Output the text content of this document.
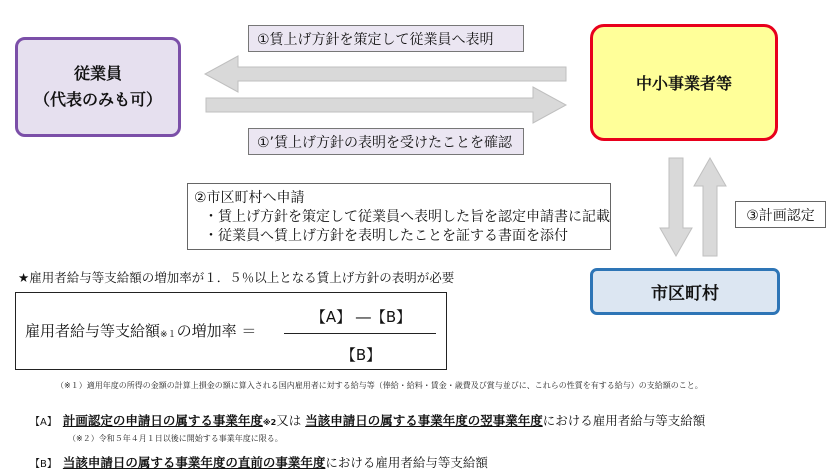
従業員
（代表のみも可）
中小事業者等
市区町村
①賃上げ方針を策定して従業員へ表明
①’賃上げ方針の表明を受けたことを確認
②市区町村へ申請
・賃上げ方針を策定して従業員へ表明した旨を認定申請書に記載
・従業員へ賃上げ方針を表明したことを証する書面を添付
③計画認定
★雇用者給与等支給額の増加率が１．５％以上となる賃上げ方針の表明が必要
雇用者給与等支給額$_{※1}$の増加率 ＝
【A】 ―【B】
【B】
（※１）適用年度の所得の金額の計算上損金の額に算入される国内雇用者に対する給与等（俸給・給料・賃金・歳費及び賞与並びに、これらの性質を有する給与）の支給額のこと。
【A】 計画認定の申請日の属する事業年度※2又は 当該申請日の属する事業年度の翌事業年度における雇用者給与等支給額
（※２）令和５年４月１日以後に開始する事業年度に限る。
【B】 当該申請日の属する事業年度の直前の事業年度における雇用者給与等支給額
